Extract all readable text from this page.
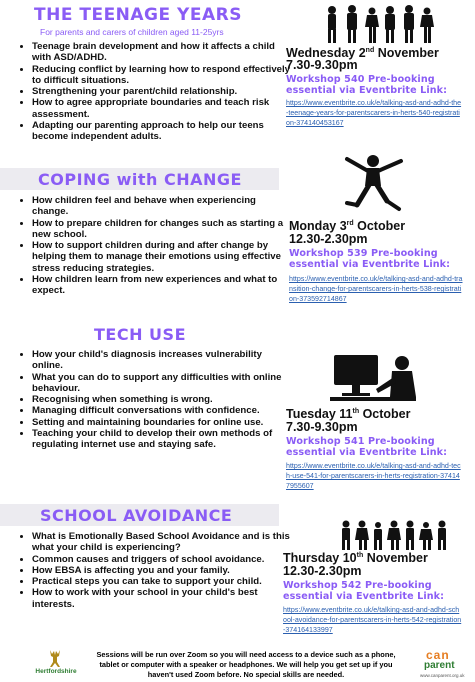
THE TEENAGE YEARS
For parents and carers of children aged 11-25yrs
• Teenage brain development and how it affects a child with ASD/ADHD.
• Reducing conflict by learning how to respond effectively to difficult situations.
• Strengthening your parent/child relationship.
• How to agree appropriate boundaries and teach risk assessment.
• Adapting our parenting approach to help our teens become independent adults.
Wednesday 2nd November
7.30-9.30pm
Workshop 540 Pre-booking essential via Eventbrite Link:
https://www.eventbrite.co.uk/e/talking-asd-and-adhd-the-teenage-years-for-parentscarers-in-herts-540-registration-374140453167
COPING with CHANGE
• How children feel and behave when experiencing change.
• How to prepare children for changes such as starting a new school.
• How to support children during and after change by helping them to manage their emotions using effective stress reducing strategies.
• How children learn from new experiences and what to expect.
Monday 3rd October
12.30-2.30pm
Workshop 539 Pre-booking essential via Eventbrite Link:
https://www.eventbrite.co.uk/e/talking-asd-and-adhd-transition-change-for-parentscarers-in-herts-538-registration-373592714867
TECH USE
• How your child's diagnosis increases vulnerability online.
• What you can do to support any difficulties with online behaviour.
• Recognising when something is wrong.
• Managing difficult conversations with confidence.
• Setting and maintaining boundaries for online use.
• Teaching your child to develop their own methods of regulating internet use and staying safe.
Tuesday 11th October
7.30-9.30pm
Workshop 541 Pre-booking essential via Eventbrite Link:
https://www.eventbrite.co.uk/e/talking-asd-and-adhd-tech-use-541-for-parentscarers-in-herts-registration-374147955607
SCHOOL AVOIDANCE
• What is Emotionally Based School Avoidance and is this what your child is experiencing?
• Common causes and triggers of school avoidance.
• How EBSA is affecting you and your family.
• Practical steps you can take to support your child.
• How to work with your school in your child's best interests.
Thursday 10th November
12.30-2.30pm
Workshop 542 Pre-booking essential via Eventbrite Link:
https://www.eventbrite.co.uk/e/talking-asd-and-adhd-school-avoidance-for-parentscarers-in-herts-542-registration-374164133997
Hertfordshire
Sessions will be run over Zoom so you will need access to a device such as a phone, tablet or computer with a speaker or headphones. We will help you get set up if you haven't used Zoom before. No special skills are needed.
can
parent
www.canparent.org.uk
